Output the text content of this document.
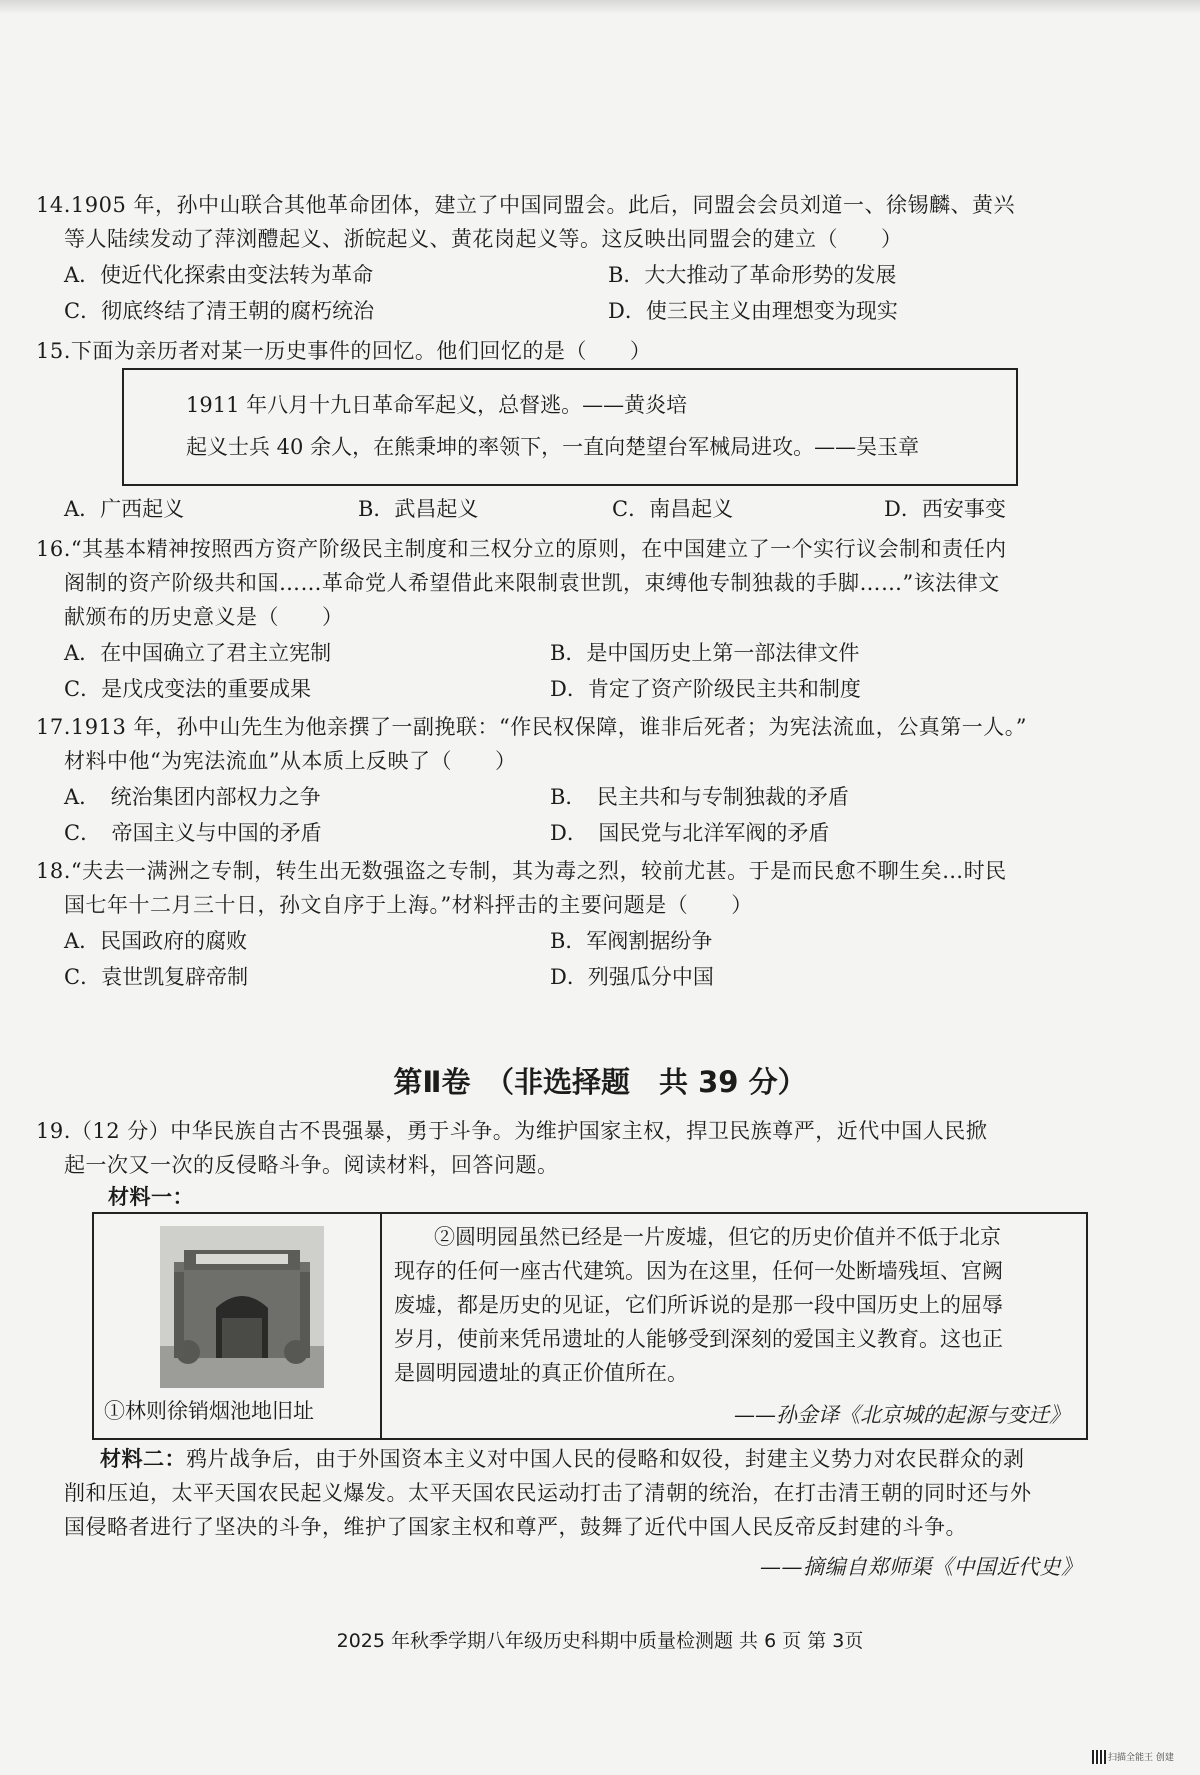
14.1905 年，孙中山联合其他革命团体，建立了中国同盟会。此后，同盟会会员刘道一、徐锡麟、黄兴
等人陆续发动了萍浏醴起义、浙皖起义、黄花岗起义等。这反映出同盟会的建立（　　）
A．使近代化探索由变法转为革命	B．大大推动了革命形势的发展
C．彻底终结了清王朝的腐朽统治	D．使三民主义由理想变为现实
15.下面为亲历者对某一历史事件的回忆。他们回忆的是（　　）
1911 年八月十九日革命军起义，总督逃。——黄炎培
起义士兵 40 余人，在熊秉坤的率领下，一直向楚望台军械局进攻。——吴玉章
A．广西起义	B．武昌起义	C．南昌起义	D．西安事变
16.“其基本精神按照西方资产阶级民主制度和三权分立的原则，在中国建立了一个实行议会制和责任内
阁制的资产阶级共和国……革命党人希望借此来限制袁世凯，束缚他专制独裁的手脚……”该法律文
献颁布的历史意义是（　　）
A．在中国确立了君主立宪制	B．是中国历史上第一部法律文件
C．是戊戌变法的重要成果	D．肯定了资产阶级民主共和制度
17.1913 年，孙中山先生为他亲撰了一副挽联：“作民权保障，谁非后死者；为宪法流血，公真第一人。”
材料中他“为宪法流血”从本质上反映了（　　）
A．　统治集团内部权力之争	B．　民主共和与专制独裁的矛盾
C．　帝国主义与中国的矛盾	D．　国民党与北洋军阀的矛盾
18.“夫去一满洲之专制，转生出无数强盗之专制，其为毒之烈，较前尤甚。于是而民愈不聊生矣…时民
国七年十二月三十日，孙文自序于上海。”材料抨击的主要问题是（　　）
A．民国政府的腐败	B．军阀割据纷争
C．袁世凯复辟帝制	D．列强瓜分中国
第Ⅱ卷　（非选择题　共 39 分）
19.（12 分）中华民族自古不畏强暴，勇于斗争。为维护国家主权，捍卫民族尊严，近代中国人民掀
起一次又一次的反侵略斗争。阅读材料，回答问题。
材料一：
①林则徐销烟池地旧址
②圆明园虽然已经是一片废墟，但它的历史价值并不低于北京
现存的任何一座古代建筑。因为在这里，任何一处断墙残垣、宫阙
废墟，都是历史的见证，它们所诉说的是那一段中国历史上的屈辱
岁月，使前来凭吊遗址的人能够受到深刻的爱国主义教育。这也正
是圆明园遗址的真正价值所在。
——孙金译《北京城的起源与变迁》
材料二：鸦片战争后，由于外国资本主义对中国人民的侵略和奴役，封建主义势力对农民群众的剥
削和压迫，太平天国农民起义爆发。太平天国农民运动打击了清朝的统治，在打击清王朝的同时还与外
国侵略者进行了坚决的斗争，维护了国家主权和尊严，鼓舞了近代中国人民反帝反封建的斗争。
——摘编自郑师渠《中国近代史》
2025 年秋季学期八年级历史科期中质量检测题 共 6 页 第 3页
扫描全能王 创建
